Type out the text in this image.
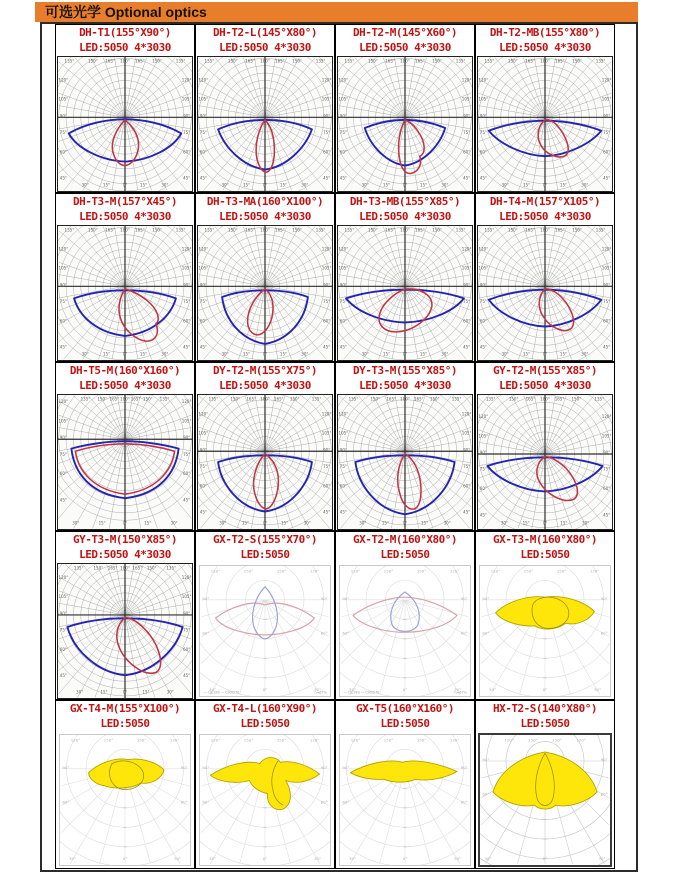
可选光学 Optional optics
DH-T1(155°X90°)
LED:5050 4*3030
0°	15°	30°
45°
60°
75°
90°
105°
120°
135°
150°
165°
180°
165°
150°
135°
120°
105°
90°
75°
60°
45°
30°	15°
DH-T2-L(145°X80°)
LED:5050 4*3030
0°	15°	30°
45°
60°
75°
90°
105°
120°
135°
150°
165°
180°
165°
150°
135°
120°
105°
90°
75°
60°
45°
30°	15°
DH-T2-M(145°X60°)
LED:5050 4*3030
0°	15°	30°
45°
60°
75°
90°
105°
120°
135°
150°
165°
180°
165°
150°
135°
120°
105°
90°
75°
60°
45°
30°	15°
DH-T2-MB(155°X80°)
LED:5050 4*3030
0°	15°	30°
45°
60°
75°
90°
105°
120°
135°
150°
165°
180°
165°
150°
135°
120°
105°
90°
75°
60°
45°
30°	15°
DH-T3-M(157°X45°)
LED:5050 4*3030
0°	15°	30°
45°
60°
75°
90°
105°
120°
135°
150°
165°
180°
165°
150°
135°
120°
105°
90°
75°
60°
45°
30°	15°
DH-T3-MA(160°X100°)
LED:5050 4*3030
0°	15°	30°
45°
60°
75°
90°
105°
120°
135°
150°
165°
180°
165°
150°
135°
120°
105°
90°
75°
60°
45°
30°	15°
DH-T3-MB(155°X85°)
LED:5050 4*3030
0°	15°	30°
45°
60°
75°
90°
105°
120°
135°
150°
165°
180°
165°
150°
135°
120°
105°
90°
75°
60°
45°
30°	15°
DH-T4-M(157°X105°)
LED:5050 4*3030
0°	15°	30°
45°
60°
75°
90°
105°
120°
135°
150°
165°
180°
165°
150°
135°
120°
105°
90°
75°
60°
45°
30°	15°
DH-T5-M(160°X160°)
LED:5050 4*3030
0°	15°	30°
45°
60°
75°
90°
105°
120°
135°
150°
165°
180°
165°
150°
135°
120°
105°
90°
75°
60°
45°
30°	15°
DY-T2-M(155°X75°)
LED:5050 4*3030
0°	15°	30°
45°
60°
75°
90°
105°
120°
135°
150°
165°
180°
165°
150°
135°
120°
105°
90°
75°
60°
45°
30°	15°
DY-T3-M(155°X85°)
LED:5050 4*3030
0°	15°	30°
45°
60°
75°
90°
105°
120°
135°
150°
165°
180°
165°
150°
135°
120°
105°
90°
75°
60°
45°
30°	15°
GY-T2-M(155°X85°)
LED:5050 4*3030
0°	15°	30°
45°
60°
75°
90°
105°
120°
135°
150°
165°
180°
165°
150°
135°
120°
105°
90°
75°
60°
45°
30°	15°
GY-T3-M(150°X85°)
LED:5050 4*3030
0°	15°	30°
45°
60°
75°
90°
105°
120°
135°
150°
165°
180°
165°
150°
135°
120°
105°
90°
75°
60°
45°
30°	15°
GX-T2-S(155°X70°)
LED:5050
150°
120°
90°
60°
30°	0°	30°
60°
90°
120°
150°
— C0/180 — C90/270	η=67%
GX-T2-M(160°X80°)
LED:5050
150°
120°
90°
60°
30°	0°	30°
60°
90°
120°
150°
— C0/180 — C90/270	η=67%
GX-T3-M(160°X80°)
LED:5050
150°
120°
90°
60°
30°	0°	30°
60°
90°
120°
150°
GX-T4-M(155°X100°)
LED:5050
150°
120°
90°
60°
30°	0°	30°
60°
90°
120°
150°
GX-T4-L(160°X90°)
LED:5050
150°
120°
90°
60°
30°	0°	30°
60°
90°
120°
150°
GX-T5(160°X160°)
LED:5050
150°
120°
90°
60°
30°	0°	30°
60°
90°
120°
150°
HX-T2-S(140°X80°)
LED:5050
150°
120°
90°
60°
30°	0°	30°
60°
90°
120°
150°
